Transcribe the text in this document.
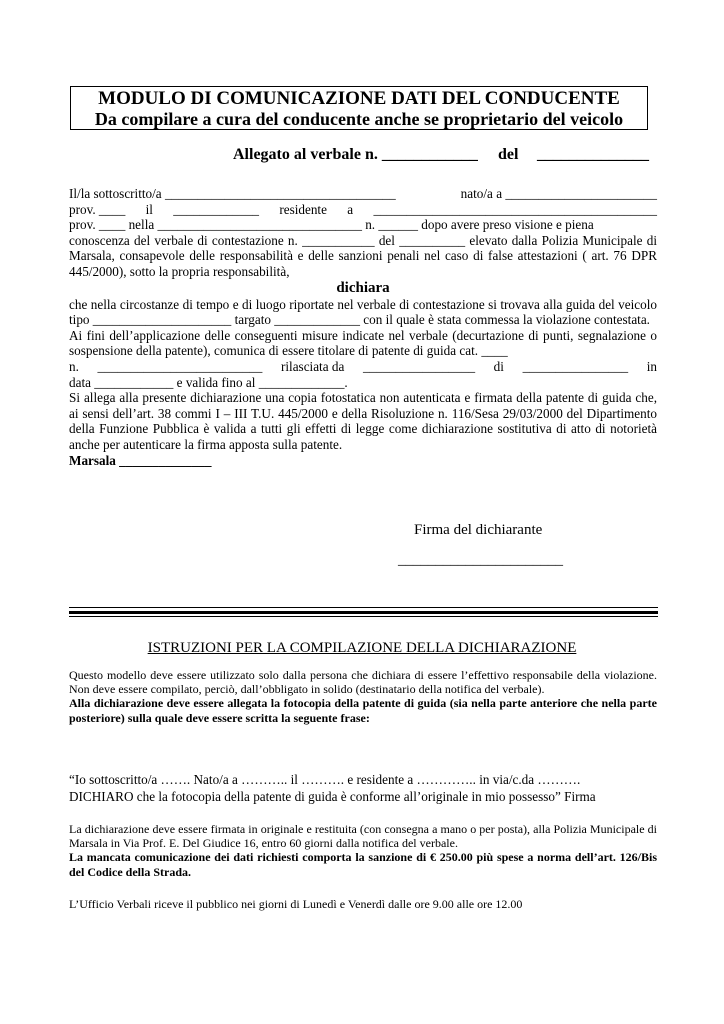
MODULO DI COMUNICAZIONE DATI DEL CONDUCENTE
Da compilare a cura del conducente anche se proprietario del veicolo
Allegato al verbale n. ____________ del ______________
Il/la sottoscritto/a ___________________________________	nato/a a _______________________
prov. ____ il _____________ residente a ___________________________________________

prov. ____ nella _______________________________ n. ______ dopo avere preso visione e piena

conoscenza del verbale di contestazione n. ___________ del __________ elevato dalla Polizia Municipale di Marsala, consapevole delle responsabilità e delle sanzioni penali nel caso di false attestazioni ( art. 76 DPR 445/2000), sotto la propria responsabilità,

dichiara

che nella circostanze di tempo e di luogo riportate nel verbale di contestazione si trovava alla guida del veicolo tipo _____________________ targato _____________ con il quale è stata commessa la violazione contestata.

Ai fini dell’applicazione delle conseguenti misure indicate nel verbale (decurtazione di punti, segnalazione o sospensione della patente), comunica di essere titolare di patente di guida cat. ____

n. _________________________ rilasciata da _________________ di ________________ in

data ____________ e valida fino al _____________.

Si allega alla presente dichiarazione una copia fotostatica non autenticata e firmata della patente di guida che, ai sensi dell’art. 38 commi I – III T.U. 445/2000 e della Risoluzione n. 116/Sesa 29/03/2000 del Dipartimento della Funzione Pubblica è valida a tutti gli effetti di legge come dichiarazione sostitutiva di atto di notorietà anche per autenticare la firma apposta sulla patente.

Marsala ______________

Firma del dichiarante
______________________
ISTRUZIONI PER LA COMPILAZIONE DELLA DICHIARAZIONE

Questo modello deve essere utilizzato solo dalla persona che dichiara di essere l’effettivo responsabile della violazione. Non deve essere compilato, perciò, dall’obbligato in solido (destinatario della notifica del verbale).

Alla dichiarazione deve essere allegata la fotocopia della patente di guida (sia nella parte anteriore che nella parte posteriore) sulla quale deve essere scritta la seguente frase:

“Io sottoscritto/a ……. Nato/a a ……….. il ………. e residente a ………….. in via/c.da ……….

DICHIARO che la fotocopia della patente di guida è conforme all’originale in mio possesso” Firma

La dichiarazione deve essere firmata in originale e restituita (con consegna a mano o per posta), alla Polizia Municipale di Marsala in Via Prof. E. Del Giudice 16, entro 60 giorni dalla notifica del verbale.

La mancata comunicazione dei dati richiesti comporta la sanzione di € 250.00 più spese a norma dell’art. 126/Bis del Codice della Strada.

L’Ufficio Verbali riceve il pubblico nei giorni di Lunedì e Venerdì dalle ore 9.00 alle ore 12.00
